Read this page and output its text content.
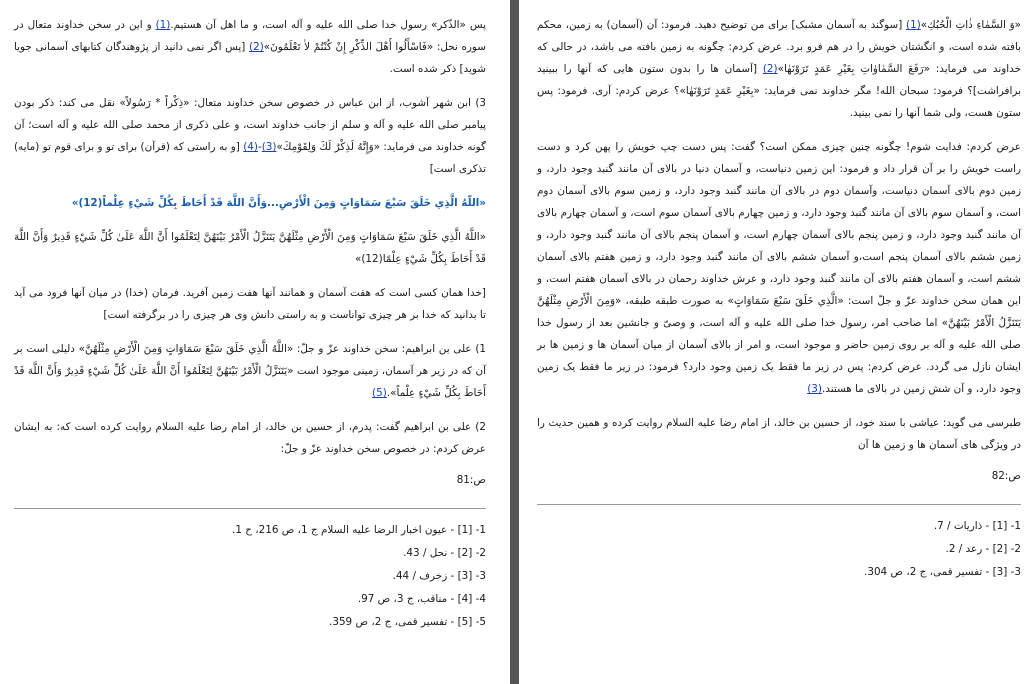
پس «الذّكر» رسول خدا صلى الله عليه و آله است، و ما اهل آن هستيم.(1) و اين در سخن خداوند متعال در سوره نحل: «فَاسْأَلُوا أَهْلَ الذِّكْرِ إِنْ كُنْتُمْ لاٰ تَعْلَمُونَ»(2) [پس اگر نمی دانيد از پژوهندگان كتابهای آسمانی جويا شويد] ذكر شده است.

3) ابن شهر آشوب، از ابن عباس در خصوص سخن خداوند متعال: «ذِكْراً * رَسُولاً» نقل می كند: ذكر بودن پيامبر صلى الله عليه و آله و سلم از جانب خداوند است، و على ذكرى از محمد صلى الله عليه و آله است؛ آن گونه خداوند می فرمايد: «وَإِنَّهُ لَذِكْرٌ لَكَ وَلِقَوْمِكَ»(3)-(4) [و به راستى كه (قرآن) برای تو و برای قوم تو (مايه) تذكری است]

«اللّهُ الَّذِي خَلَقَ سَبْعَ سَمَاوَاتٍ وَمِنَ الْأَرْضِ...وَأَنَّ اللَّهَ قَدْ أَحَاطَ بِكُلِّ شَيْءٍ عِلْماً(12)»

«اللَّهُ الَّذِي خَلَقَ سَبْعَ سَمَاوَاتٍ وَمِنَ الْأَرْضِ مِثْلَهُنَّ يَتَنَزَّلُ الْأَمْرُ بَيْنَهُنَّ لِتَعْلَمُوا أَنَّ اللَّهَ عَلَىٰ كُلِّ شَيْءٍ قَدِيرٌ وَأَنَّ اللَّهَ قَدْ أَحَاطَ بِكُلِّ شَيْءٍ عِلْمًا(12)»

[خدا همان كسی است كه هفت آسمان و همانند آنها هفت زمين آفريد. فرمان (خدا) در ميان آنها فرود می آيد تا بدانيد كه خدا بر هر چيزی تواناست و به راستى دانش وی هر چيزی را در برگرفته است]

1) على بن ابراهيم: سخن خداوند عزّ و جلّ: «اللَّهُ الَّذِي خَلَقَ سَبْعَ سَمَاوَاتٍ وَمِنَ الْأَرْضِ مِثْلَهُنَّ» دليلی است بر آن كه در زير هر آسمان، زمينی موجود است «يَتَنَزَّلُ الْأَمْرُ بَيْنَهُنَّ لِتَعْلَمُوا أَنَّ اللَّهَ عَلَىٰ كُلِّ شَيْءٍ قَدِيرٌ وَأَنَّ اللَّهَ قَدْ أَحَاطَ بِكُلِّ شَيْءٍ عِلْماً».(5)

2) على بن ابراهيم گفت: پدرم، از حسين بن خالد، از امام رضا عليه السلام روايت كرده است كه: به ايشان عرض كردم: در خصوص سخن خداوند عزّ و جلّ:

ص:81

1- [1] - عيون اخبار الرضا عليه السلام ج 1، ص 216، ح 1.

2- [2] - نحل / 43.

3- [3] - زخرف / 44.

4- [4] - مناقب، ج 3، ص 97.

5- [5] - تفسير قمی، ج 2، ص 359.

«وَ السَّمٰاءِ ذٰاتِ الْحُبُكِ»(1) [سوگند به آسمان مشبک] برای من توضيح دهيد. فرمود: آن (آسمان) به زمين، محكم بافته شده است، و انگشتان خويش را در هم فرو برد. عرض كردم: چگونه به زمين بافته می باشد، در حالی كه خداوند می فرمايد: «رَفَعَ السَّمٰاوٰاتِ بِغَيْرِ عَمَدٍ تَرَوْنَهٰا»(2) [آسمان ها را بدون ستون هايی كه آنها را ببينيد برافراشت]؟ فرمود: سبحان الله! مگر خداوند نمی فرمايد: «بِغَيْرِ عَمَدٍ تَرَوْنَهٰا»؟ عرض كردم: آرى. فرمود: پس ستون هست، ولی شما آنها را نمی بينيد.

عرض كردم: فدايت شوم! چگونه چنين چيزی ممكن است؟ گفت: پس دست چپ خويش را پهن كرد و دست راست خويش را بر آن قرار داد و فرمود: اين زمين دنياست، و آسمان دنيا در بالای آن مانند گنبد وجود دارد، و زمين دوم بالای آسمان دنياست، وآسمان دوم در بالای آن مانند گنبد وجود دارد، و زمين سوم بالای آسمان دوم است، و آسمان سوم بالای آن مانند گنبد وجود دارد، و زمين چهارم بالای آسمان سوم است، و آسمان چهارم بالای آن مانند گنبد وجود دارد، و زمين پنجم بالای آسمان چهارم است، و آسمان پنجم بالای آن مانند گنبد وجود دارد، و زمين ششم بالای آسمان پنجم است،و آسمان ششم بالای آن مانند گنبد وجود دارد، و زمين هفتم بالای آسمان ششم است، و آسمان هفتم بالای آن مانند گنبد وجود دارد، و عرش خداوند رحمان در بالای آسمان هفتم است، و اين همان سخن خداوند عزّ و جلّ است: «الَّذِي خَلَقَ سَبْعَ سَمَاوَاتٍ» به صورت طبقه طبقه، «وَمِنَ الْأَرْضِ مِثْلَهُنَّ يَتَنَزَّلُ الْأَمْرُ بَيْنَهُنَّ» اما صاحب امر، رسول خدا صلى الله عليه و آله است، و وصیّ و جانشين بعد از رسول خدا صلى الله عليه و آله بر روی زمين حاضر و موجود است، و امر از بالای آسمان از ميان آسمان ها و زمين ها بر ايشان نازل می گردد. عرض كردم: پس در زير ما فقط يک زمين وجود دارد؟ فرمود: در زير ما فقط يک زمين وجود دارد، و آن شش زمين در بالای ما هستند.(3)

طبرسی می گويد: عياشی با سند خود، از حسين بن خالد، از امام رضا عليه السلام روايت كرده و همين حديث را در ويژگی های آسمان ها و زمين ها آن

ص:82

1- [1] - ذاريات / 7.

2- [2] - رعد / 2.

3- [3] - تفسير قمی، ج 2، ص 304.
